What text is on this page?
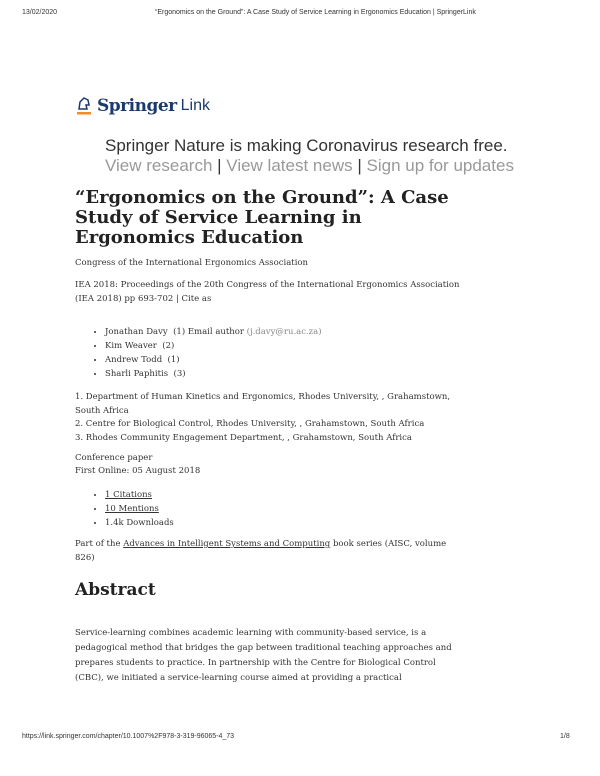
13/02/2020	“Ergonomics on the Ground”: A Case Study of Service Learning in Ergonomics Education | SpringerLink
Springer Link
Springer Nature is making Coronavirus research free. View research | View latest news | Sign up for updates
“Ergonomics on the Ground”: A Case Study of Service Learning in Ergonomics Education
Congress of the International Ergonomics Association
IEA 2018: Proceedings of the 20th Congress of the International Ergonomics Association (IEA 2018) pp 693-702 | Cite as
• Jonathan Davy (1) Email author (j.davy@ru.ac.za)
• Kim Weaver (2)
• Andrew Todd (1)
• Sharli Paphitis (3)
1. Department of Human Kinetics and Ergonomics, Rhodes University, , Grahamstown, South Africa
2. Centre for Biological Control, Rhodes University, , Grahamstown, South Africa
3. Rhodes Community Engagement Department, , Grahamstown, South Africa
Conference paper
First Online: 05 August 2018
• 1 Citations
• 10 Mentions
• 1.4k Downloads
Part of the Advances in Intelligent Systems and Computing book series (AISC, volume 826)
Abstract
Service-learning combines academic learning with community-based service, is a pedagogical method that bridges the gap between traditional teaching approaches and prepares students to practice. In partnership with the Centre for Biological Control (CBC), we initiated a service-learning course aimed at providing a practical
https://link.springer.com/chapter/10.1007%2F978-3-319-96065-4_73	1/8
